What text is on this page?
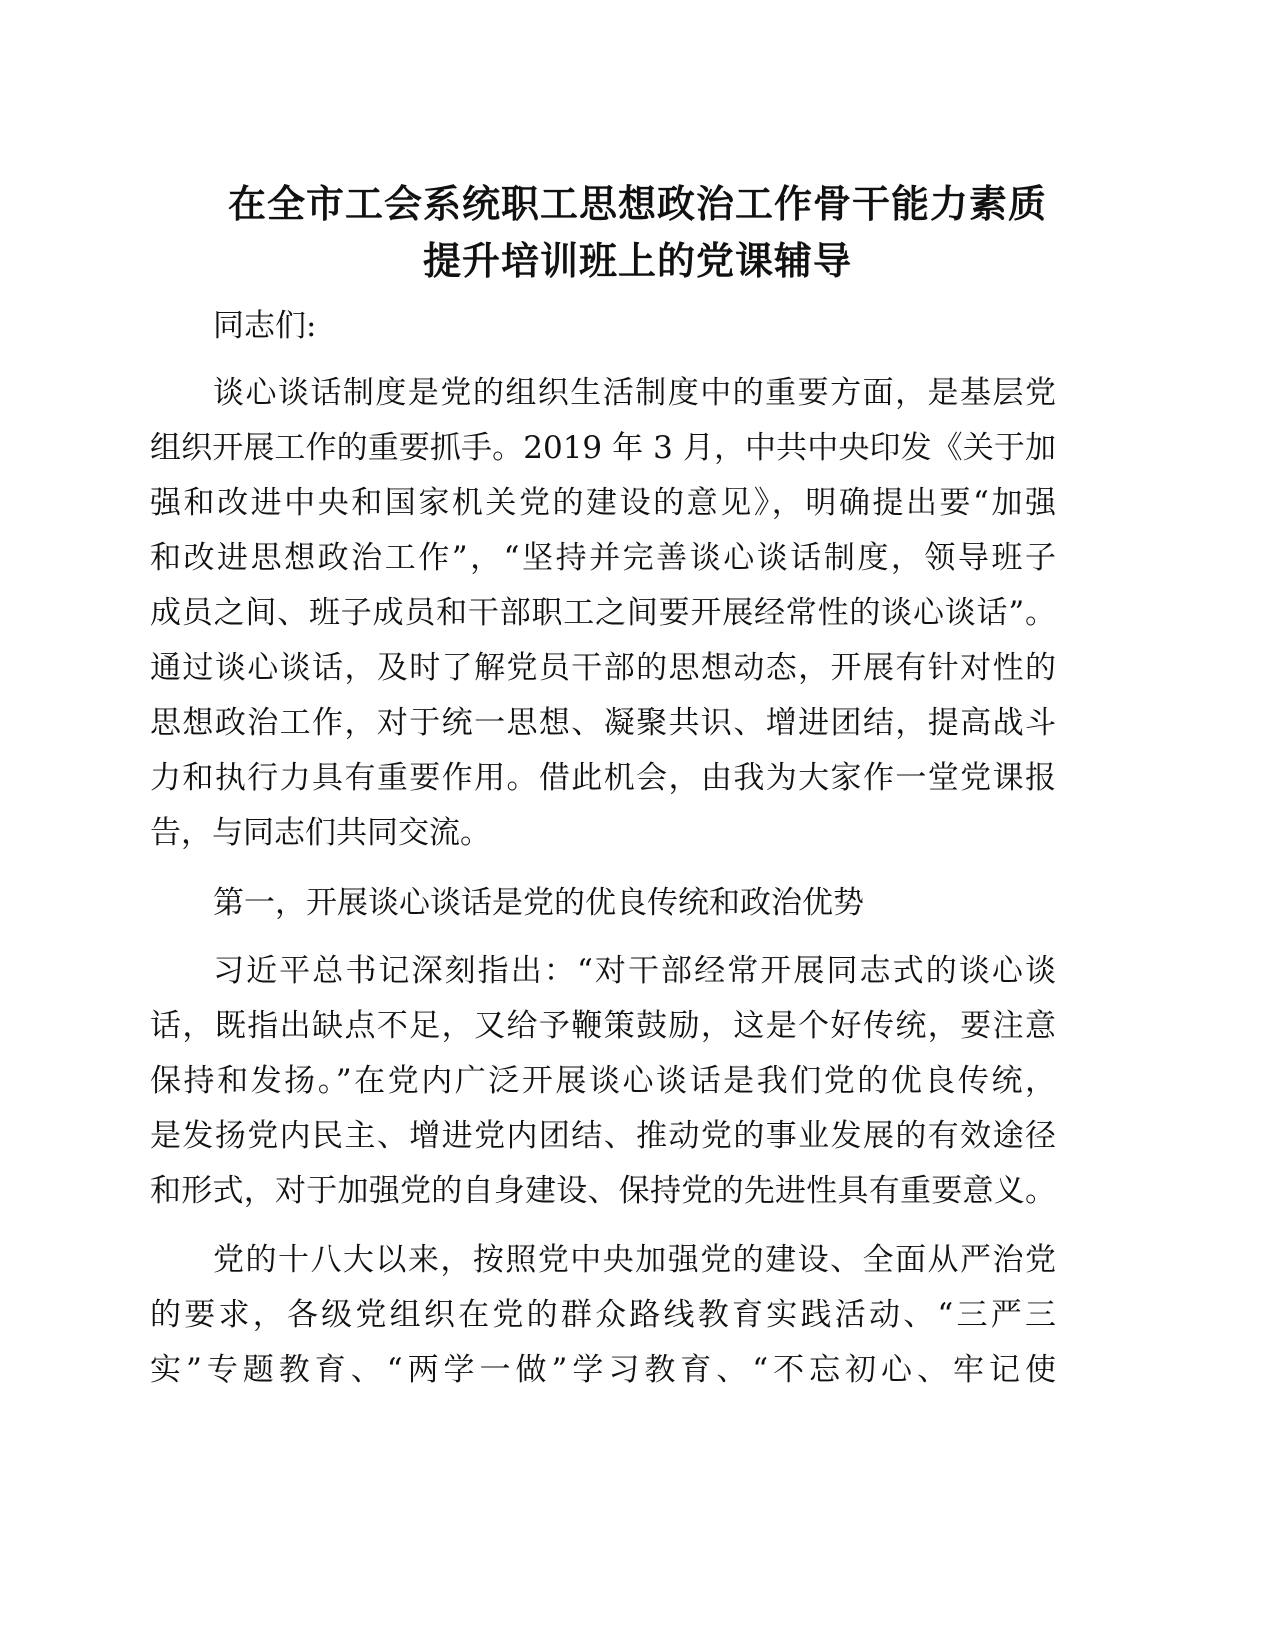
在全市工会系统职工思想政治工作骨干能力素质
提升培训班上的党课辅导
同志们:
谈心谈话制度是党的组织生活制度中的重要方面，是基层党
组织开展工作的重要抓手。2019 年 3 月，中共中央印发《关于加
强和改进中央和国家机关党的建设的意见》，明确提出要“加强
和改进思想政治工作”，“坚持并完善谈心谈话制度，领导班子
成员之间、班子成员和干部职工之间要开展经常性的谈心谈话”。
通过谈心谈话，及时了解党员干部的思想动态，开展有针对性的
思想政治工作，对于统一思想、凝聚共识、增进团结，提高战斗
力和执行力具有重要作用。借此机会，由我为大家作一堂党课报
告，与同志们共同交流。
第一，开展谈心谈话是党的优良传统和政治优势
习近平总书记深刻指出：“对干部经常开展同志式的谈心谈
话，既指出缺点不足，又给予鞭策鼓励，这是个好传统，要注意
保持和发扬。”在党内广泛开展谈心谈话是我们党的优良传统，
是发扬党内民主、增进党内团结、推动党的事业发展的有效途径
和形式，对于加强党的自身建设、保持党的先进性具有重要意义。
党的十八大以来，按照党中央加强党的建设、全面从严治党
的要求，各级党组织在党的群众路线教育实践活动、“三严三
实”专题教育、“两学一做”学习教育、“不忘初心、牢记使
